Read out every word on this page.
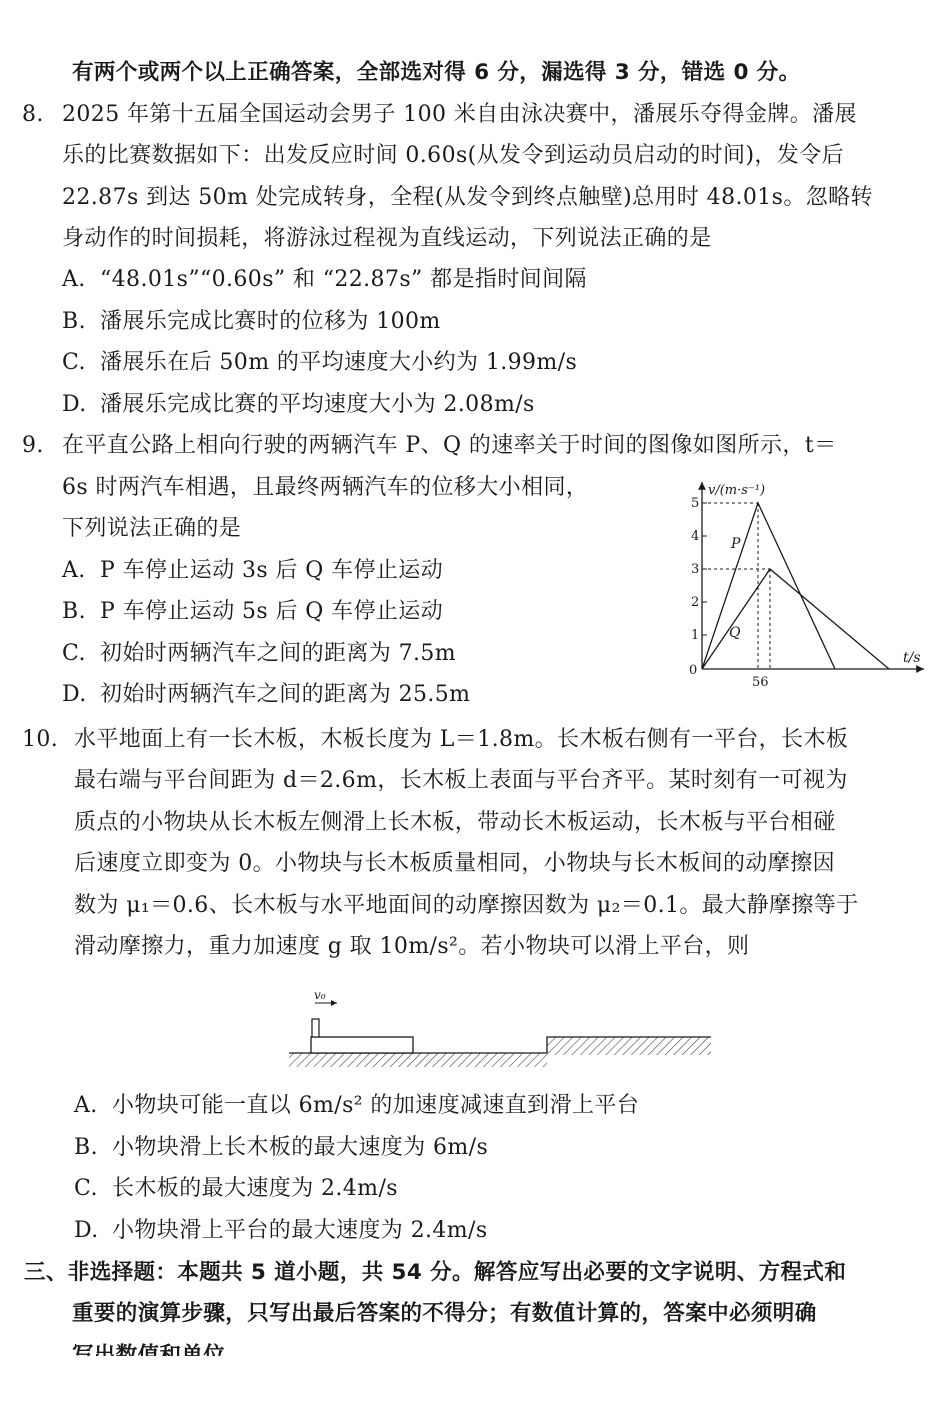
有两个或两个以上正确答案，全部选对得 6 分，漏选得 3 分，错选 0 分。
8. 2025 年第十五届全国运动会男子 100 米自由泳决赛中，潘展乐夺得金牌。潘展
乐的比赛数据如下：出发反应时间 0.60s(从发令到运动员启动的时间)，发令后
22.87s 到达 50m 处完成转身，全程(从发令到终点触壁)总用时 48.01s。忽略转
身动作的时间损耗，将游泳过程视为直线运动，下列说法正确的是
A. “48.01s”“0.60s” 和 “22.87s” 都是指时间间隔
B. 潘展乐完成比赛时的位移为 100m
C. 潘展乐在后 50m 的平均速度大小约为 1.99m/s
D. 潘展乐完成比赛的平均速度大小为 2.08m/s
9. 在平直公路上相向行驶的两辆汽车 P、Q 的速率关于时间的图像如图所示，t＝
6s 时两汽车相遇，且最终两辆汽车的位移大小相同，
下列说法正确的是
A. P 车停止运动 3s 后 Q 车停止运动
B. P 车停止运动 5s 后 Q 车停止运动
C. 初始时两辆汽车之间的距离为 7.5m
D. 初始时两辆汽车之间的距离为 25.5m
v/(m·s⁻¹)
t/s
5
4
3
2
1
0
56
P
Q
10. 水平地面上有一长木板，木板长度为 L＝1.8m。长木板右侧有一平台，长木板
最右端与平台间距为 d＝2.6m，长木板上表面与平台齐平。某时刻有一可视为
质点的小物块从长木板左侧滑上长木板，带动长木板运动，长木板与平台相碰
后速度立即变为 0。小物块与长木板质量相同，小物块与长木板间的动摩擦因
数为 μ₁＝0.6、长木板与水平地面间的动摩擦因数为 μ₂＝0.1。最大静摩擦等于
滑动摩擦力，重力加速度 g 取 10m/s²。若小物块可以滑上平台，则
v₀
A. 小物块可能一直以 6m/s² 的加速度减速直到滑上平台
B. 小物块滑上长木板的最大速度为 6m/s
C. 长木板的最大速度为 2.4m/s
D. 小物块滑上平台的最大速度为 2.4m/s
三、非选择题：本题共 5 道小题，共 54 分。解答应写出必要的文字说明、方程式和
重要的演算步骤，只写出最后答案的不得分；有数值计算的，答案中必须明确
